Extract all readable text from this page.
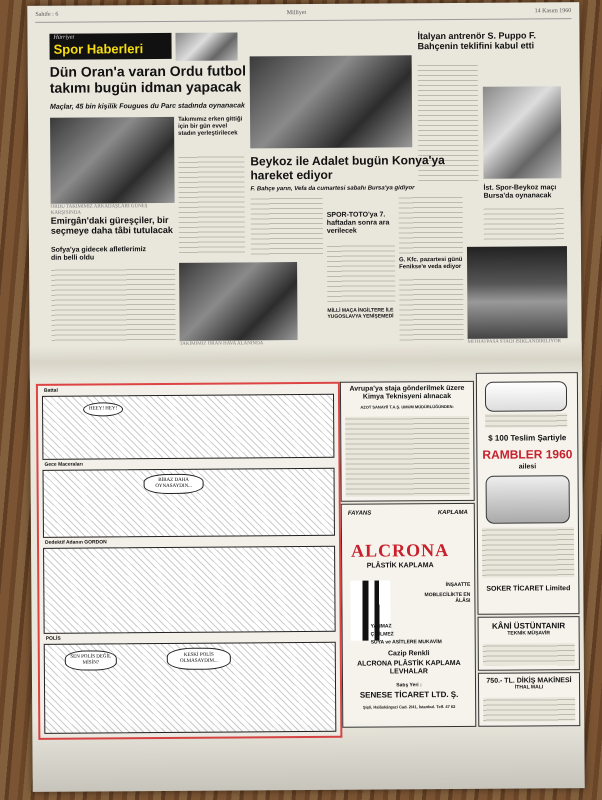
Sahife : 6	Milliyet	14 Kasım 1960
Hürriyet
Spor Haberleri
Dün Oran'a varan Ordu futbol takımı bugün idman yapacak
Maçlar, 45 bin kişilik Fougues du Parc stadında oynanacak
ORDU TAKIMIMIZ ARKADAŞLARI GÜNEŞ KARŞISINDA
Takımımız erken gittiği için bir gün evvel stadın yerleştirilecek
Emirgân'daki güreşçiler, bir seçmeye daha tâbi tutulacak
Sofya'ya gidecek afletlerimiz din belli oldu
İtalyan antrenör S. Puppo F. Bahçenin teklifini kabul etti
İst. Spor-Beykoz maçı Bursa'da oynanacak
Beykoz ile Adalet bugün Konya'ya hareket ediyor
F. Bahçe yarın, Vefa da cumartesi sabahı Bursa'ya gidiyor
SPOR-TOTO'ya 7. haftadan sonra ara verilecek
G. Kfc. pazartesi günü Fenikse'e veda ediyor
MİLLİ MAÇA İNGİLTERE İLE YUGOSLAVYA YENİŞEMEDİ
Battal
HEEY! HEY!
Gece Maceraları
BİRAZ DAHA OYNASAYDIN...
Dedektif Adanın GORDON
POLİS
SEN POLİS DEĞİL MİSİN?
KESKİ POLİS OLMASAYDIM...
Avrupa'ya staja gönderilmek üzere Kimya Teknisyeni alınacak
AZOT SANAYİİ T.A.Ş. UMUM MÜDÜRLÜĞÜNDEN:
$ 100 Teslim Şartiyle
RAMBLER 1960
ailesi
SOKER TİCARET Limited
FAYANS	KAPLAMA
ALCRONA
PLÂSTİK KAPLAMA
İNŞAATTE
MOBLECİLİKTE EN ÂLÂSI
YANMAZ
ÇİZİLMEZ
SUYA ve ASİTLERE MUKAVİM
Cazip Renkli
ALCRONA PLÂSTİK KAPLAMA LEVHALAR
Satış Yeri :
SENESE TİCARET LTD. Ş.
Şişli, Halâskârgazi Cad. 2/41, İstanbul. Telf. 47 62
KÂNİ ÜSTÜNTANIR
TEKNİK MÜŞAVİR
750.- TL. DİKİŞ MAKİNESİ
İTHAL MALI
